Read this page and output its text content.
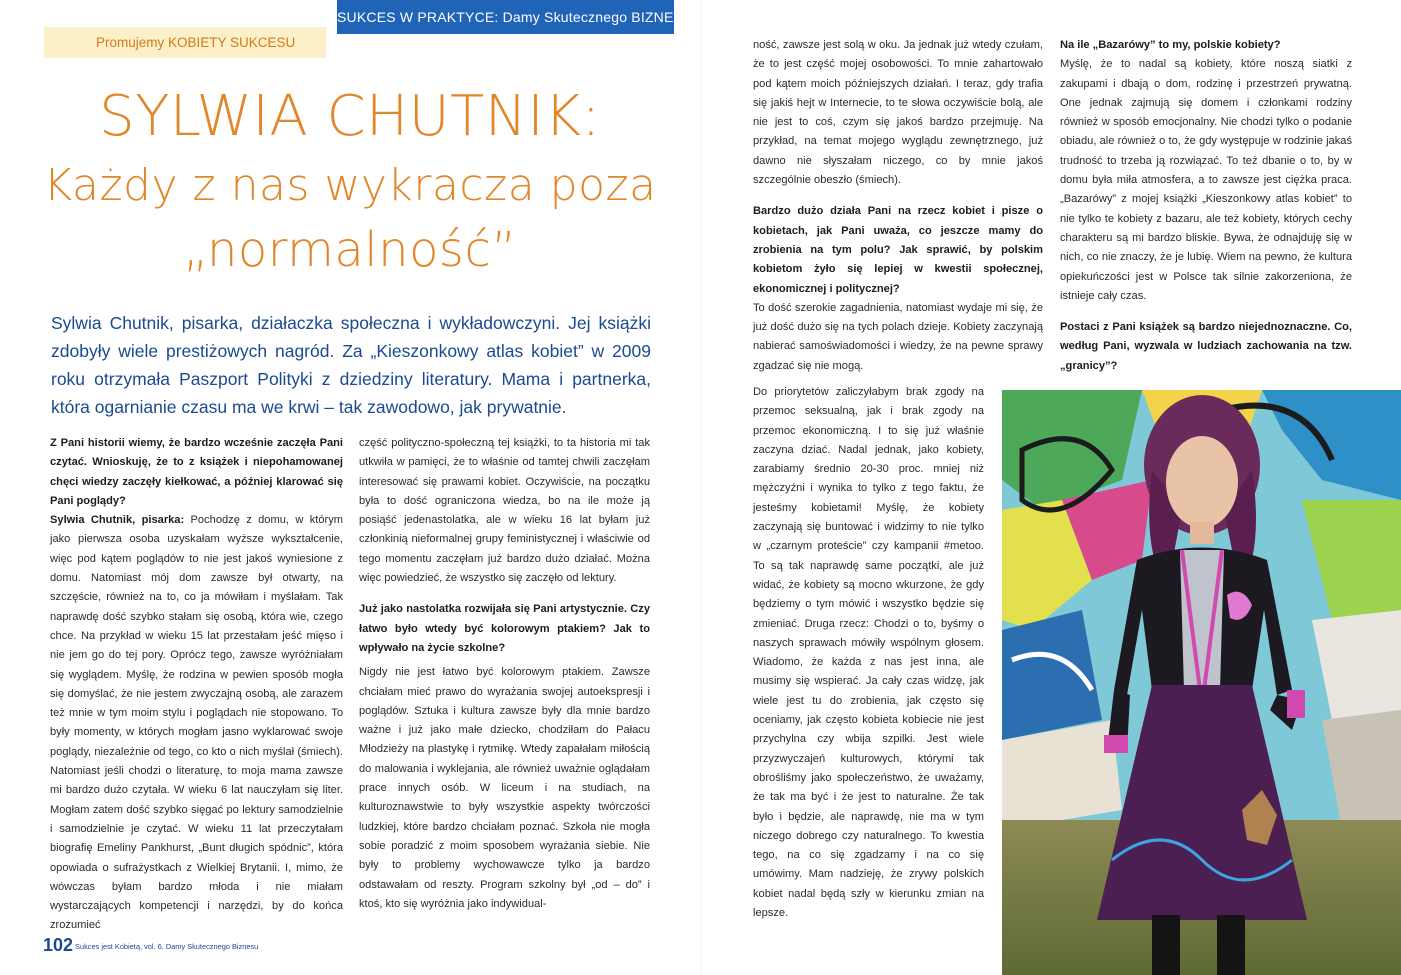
SUKCES W PRAKTYCE: Damy Skutecznego BIZNESU
Promujemy KOBIETY SUKCESU
SYLWIA CHUTNIK:
Każdy z nas wykracza poza
„normalność”

Sylwia Chutnik, pisarka, działaczka społeczna i wykładowczyni. Jej książki zdobyły wiele prestiżowych nagród. Za „Kieszonkowy atlas kobiet” w 2009 roku otrzymała Paszport Polityki z dziedziny literatury. Mama i partnerka, która ogarnianie czasu ma we krwi – tak zawodowo, jak prywatnie.

Z Pani historii wiemy, że bardzo wcześnie zaczęła Pani czytać. Wnioskuję, że to z książek i niepohamowanej chęci wiedzy zaczęły kiełkować, a później klarować się Pani poglądy?

Sylwia Chutnik, pisarka: Pochodzę z domu, w którym jako pierwsza osoba uzyskałam wyższe wykształcenie, więc pod kątem poglądów to nie jest jakoś wyniesione z domu. Natomiast mój dom zawsze był otwarty, na szczęście, również na to, co ja mówiłam i myślałam. Tak naprawdę dość szybko stałam się osobą, która wie, czego chce. Na przykład w wieku 15 lat przestałam jeść mięso i nie jem go do tej pory. Oprócz tego, zawsze wyróżniałam się wyglądem. Myślę, że rodzina w pewien sposób mogła się domyślać, że nie jestem zwyczajną osobą, ale zarazem też mnie w tym moim stylu i poglądach nie stopowano. To były momenty, w których mogłam jasno wyklarować swoje poglądy, niezależnie od tego, co kto o nich myślał (śmiech). Natomiast jeśli chodzi o literaturę, to moja mama zawsze mi bardzo dużo czytała. W wieku 6 lat nauczyłam się liter. Mogłam zatem dość szybko sięgać po lektury samodzielnie i samodzielnie je czytać. W wieku 11 lat przeczytałam biografię Emeliny Pankhurst, „Bunt długich spódnic”, która opowiada o sufrażystkach z Wielkiej Brytanii. I, mimo, że wówczas byłam bardzo młoda i nie miałam wystarczających kompetencji i narzędzi, by do końca zrozumieć

część polityczno-społeczną tej książki, to ta historia mi tak utkwiła w pamięci, że to właśnie od tamtej chwili zaczęłam interesować się prawami kobiet. Oczywiście, na początku była to dość ograniczona wiedza, bo na ile może ją posiąść jedenastolatka, ale w wieku 16 lat byłam już członkinią nieformalnej grupy feministycznej i właściwie od tego momentu zaczęłam już bardzo dużo działać. Można więc powiedzieć, że wszystko się zaczęło od lektury.

Już jako nastolatka rozwijała się Pani artystycznie. Czy łatwo było wtedy być kolorowym ptakiem? Jak to wpływało na życie szkolne?

Nigdy nie jest łatwo być kolorowym ptakiem. Zawsze chciałam mieć prawo do wyrażania swojej autoekspresji i poglądów. Sztuka i kultura zawsze były dla mnie bardzo ważne i już jako małe dziecko, chodziłam do Pałacu Młodzieży na plastykę i rytmikę. Wtedy zapałałam miłością do malowania i wyklejania, ale również uważnie oglądałam prace innych osób. W liceum i na studiach, na kulturoznawstwie to były wszystkie aspekty twórczości ludzkiej, które bardzo chciałam poznać. Szkoła nie mogła sobie poradzić z moim sposobem wyrażania siebie. Nie były to problemy wychowawcze tylko ja bardzo odstawałam od reszty. Program szkolny był „od – do” i ktoś, kto się wyróżnia jako indywidual-

ność, zawsze jest solą w oku. Ja jednak już wtedy czułam, że to jest część mojej osobowości. To mnie zahartowało pod kątem moich późniejszych działań. I teraz, gdy trafia się jakiś hejt w Internecie, to te słowa oczywiście bolą, ale nie jest to coś, czym się jakoś bardzo przejmuję. Na przykład, na temat mojego wyglądu zewnętrznego, już dawno nie słyszałam niczego, co by mnie jakoś szczególnie obeszło (śmiech).

Bardzo dużo działa Pani na rzecz kobiet i pisze o kobietach, jak Pani uważa, co jeszcze mamy do zrobienia na tym polu? Jak sprawić, by polskim kobietom żyło się lepiej w kwestii społecznej, ekonomicznej i politycznej?

To dość szerokie zagadnienia, natomiast wydaje mi się, że już dość dużo się na tych polach dzieje. Kobiety zaczynają nabierać samoświadomości i wiedzy, że na pewne sprawy zgadzać się nie mogą.

Do priorytetów zaliczyłabym brak zgody na przemoc seksualną, jak i brak zgody na przemoc ekonomiczną. I to się już właśnie zaczyna dziać. Nadal jednak, jako kobiety, zarabiamy średnio 20-30 proc. mniej niż mężczyźni i wynika to tylko z tego faktu, że jesteśmy kobietami! Myślę, że kobiety zaczynają się buntować i widzimy to nie tylko w „czarnym proteście” czy kampanii #metoo. To są tak naprawdę same początki, ale już widać, że kobiety są mocno wkurzone, że gdy będziemy o tym mówić i wszystko będzie się zmieniać. Druga rzecz: Chodzi o to, byśmy o naszych sprawach mówiły wspólnym głosem. Wiadomo, że każda z nas jest inna, ale musimy się wspierać. Ja cały czas widzę, jak wiele jest tu do zrobienia, jak często się oceniamy, jak często kobieta kobiecie nie jest przychylna czy wbija szpilki. Jest wiele przyzwyczajeń kulturowych, którymi tak obrośliśmy jako społeczeństwo, że uważamy, że tak ma być i że jest to naturalne. Że tak było i będzie, ale naprawdę, nie ma w tym niczego dobrego czy naturalnego. To kwestia tego, na co się zgadzamy i na co się umówimy. Mam nadzieję, że zrywy polskich kobiet nadal będą szły w kierunku zmian na lepsze.

Na ile „Bazarówy” to my, polskie kobiety?

Myślę, że to nadal są kobiety, które noszą siatki z zakupami i dbają o dom, rodzinę i przestrzeń prywatną. One jednak zajmują się domem i członkami rodziny również w sposób emocjonalny. Nie chodzi tylko o podanie obiadu, ale również o to, że gdy występuje w rodzinie jakaś trudność to trzeba ją rozwiązać. To też dbanie o to, by w domu była miła atmosfera, a to zawsze jest ciężka praca. „Bazarówy” z mojej książki „Kieszonkowy atlas kobiet” to nie tylko te kobiety z bazaru, ale też kobiety, których cechy charakteru są mi bardzo bliskie. Bywa, że odnajduję się w nich, co nie znaczy, że je lubię. Wiem na pewno, że kultura opiekuńczości jest w Polsce tak silnie zakorzeniona, że istnieje cały czas.

Postaci z Pani książek są bardzo niejednoznaczne. Co, według Pani, wyzwala w ludziach zachowania na tzw. „granicy”?

102 Sukces jest Kobietą, vol. 6. Damy Skutecznego Biznesu
